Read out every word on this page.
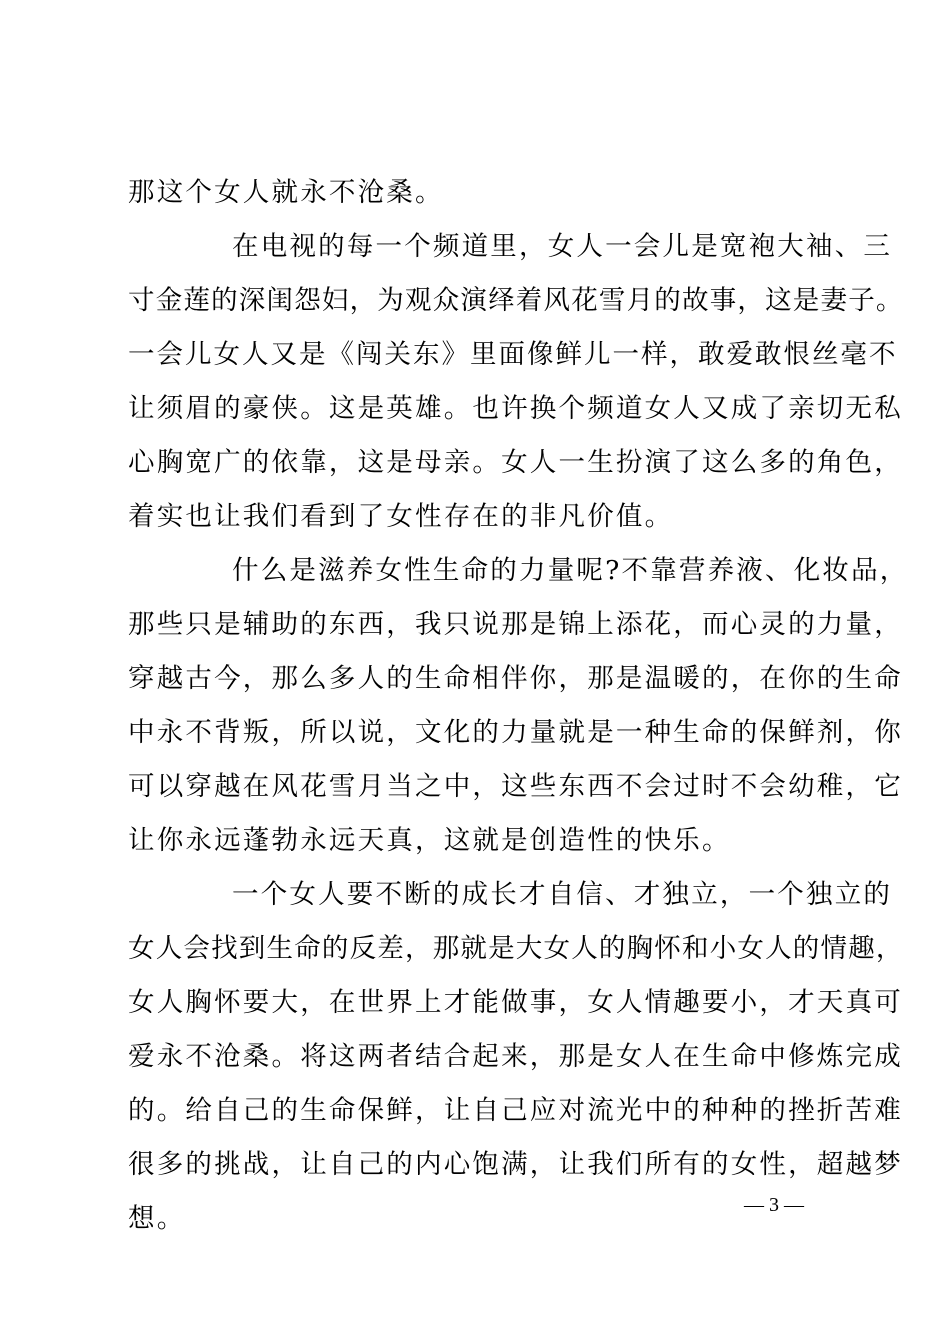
那这个女人就永不沧桑。
在电视的每一个频道里，女人一会儿是宽袍大袖、三
寸金莲的深闺怨妇，为观众演绎着风花雪月的故事，这是妻子。
一会儿女人又是《闯关东》里面像鲜儿一样，敢爱敢恨丝毫不
让须眉的豪侠。这是英雄。也许换个频道女人又成了亲切无私
心胸宽广的依靠，这是母亲。女人一生扮演了这么多的角色，
着实也让我们看到了女性存在的非凡价值。
什么是滋养女性生命的力量呢?不靠营养液、化妆品，
那些只是辅助的东西，我只说那是锦上添花，而心灵的力量，
穿越古今，那么多人的生命相伴你，那是温暖的，在你的生命
中永不背叛，所以说，文化的力量就是一种生命的保鲜剂，你
可以穿越在风花雪月当之中，这些东西不会过时不会幼稚，它
让你永远蓬勃永远天真，这就是创造性的快乐。
一个女人要不断的成长才自信、才独立，一个独立的
女人会找到生命的反差，那就是大女人的胸怀和小女人的情趣，
女人胸怀要大，在世界上才能做事，女人情趣要小，才天真可
爱永不沧桑。将这两者结合起来，那是女人在生命中修炼完成
的。给自己的生命保鲜，让自己应对流光中的种种的挫折苦难
很多的挑战，让自己的内心饱满，让我们所有的女性，超越梦
想。	— 3 —
